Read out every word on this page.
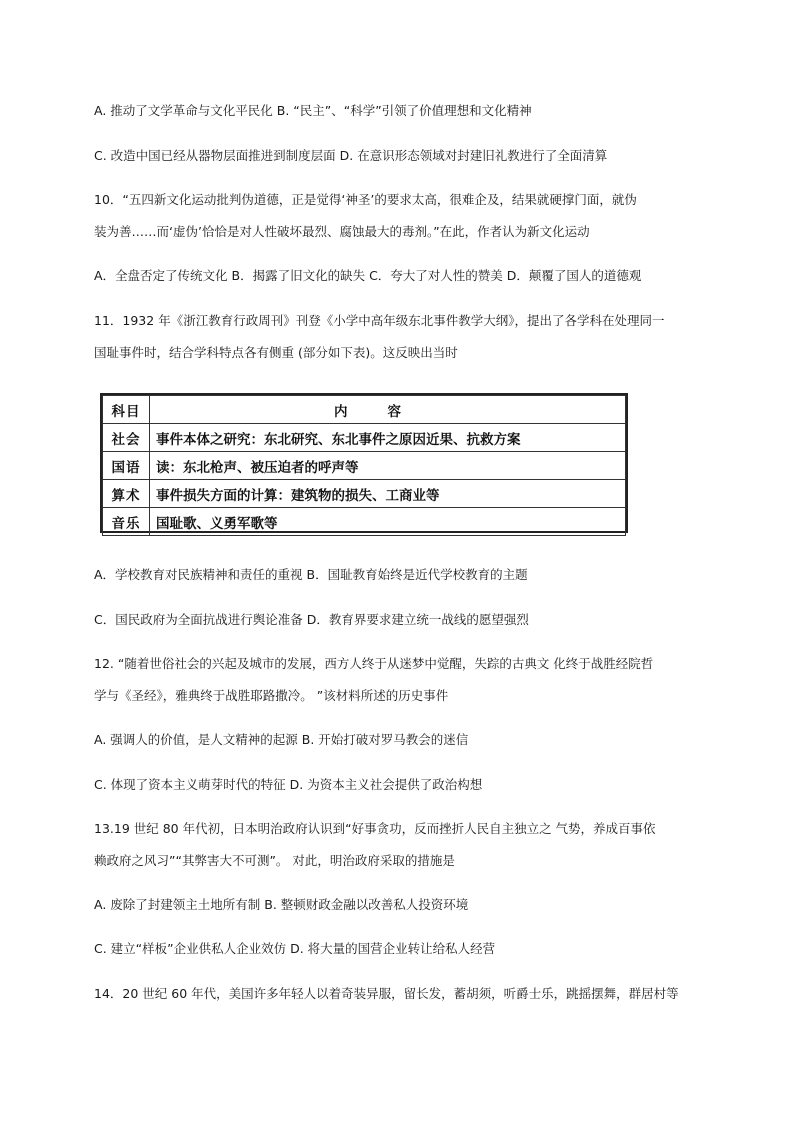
A. 推动了文学革命与文化平民化 B. “民主”、“科学”引领了价值理想和文化精神
C. 改造中国已经从器物层面推进到制度层面 D. 在意识形态领域对封建旧礼教进行了全面清算
10．“五四新文化运动批判伪道德，正是觉得‘神圣’的要求太高，很难企及，结果就硬撑门面，就伪
装为善……而‘虚伪’恰恰是对人性破坏最烈、腐蚀最大的毒剂。”在此，作者认为新文化运动
A．全盘否定了传统文化 B．揭露了旧文化的缺失 C．夸大了对人性的赞美 D．颠覆了国人的道德观
11．1932 年《浙江教育行政周刊》刊登《小学中高年级东北事件教学大纲》，提出了各学科在处理同一
国耻事件时，结合学科特点各有侧重 (部分如下表)。这反映出当时
科目	内容
社会	事件本体之研究：东北研究、东北事件之原因近果、抗救方案
国语	读：东北枪声、被压迫者的呼声等
算术	事件损失方面的计算：建筑物的损失、工商业等
音乐	国耻歌、义勇军歌等
A．学校教育对民族精神和责任的重视 B．国耻教育始终是近代学校教育的主题
C．国民政府为全面抗战进行舆论准备 D．教育界要求建立统一战线的愿望强烈
12. “随着世俗社会的兴起及城市的发展，西方人终于从迷梦中觉醒，失踪的古典文 化终于战胜经院哲
学与《圣经》，雅典终于战胜耶路撒冷。 ”该材料所述的历史事件
A. 强调人的价值，是人文精神的起源 B. 开始打破对罗马教会的迷信
C. 体现了资本主义萌芽时代的特征 D. 为资本主义社会提供了政治构想
13.19 世纪 80 年代初，日本明治政府认识到“好事贪功，反而挫折人民自主独立之 气势，养成百事依
赖政府之风习”“其弊害大不可测”。 对此，明治政府采取的措施是
A. 废除了封建领主土地所有制 B. 整顿财政金融以改善私人投资环境
C. 建立“样板”企业供私人企业效仿 D. 将大量的国营企业转让给私人经营
14．20 世纪 60 年代，美国许多年轻人以着奇装异服，留长发，蓄胡须，听爵士乐，跳摇摆舞，群居村等
